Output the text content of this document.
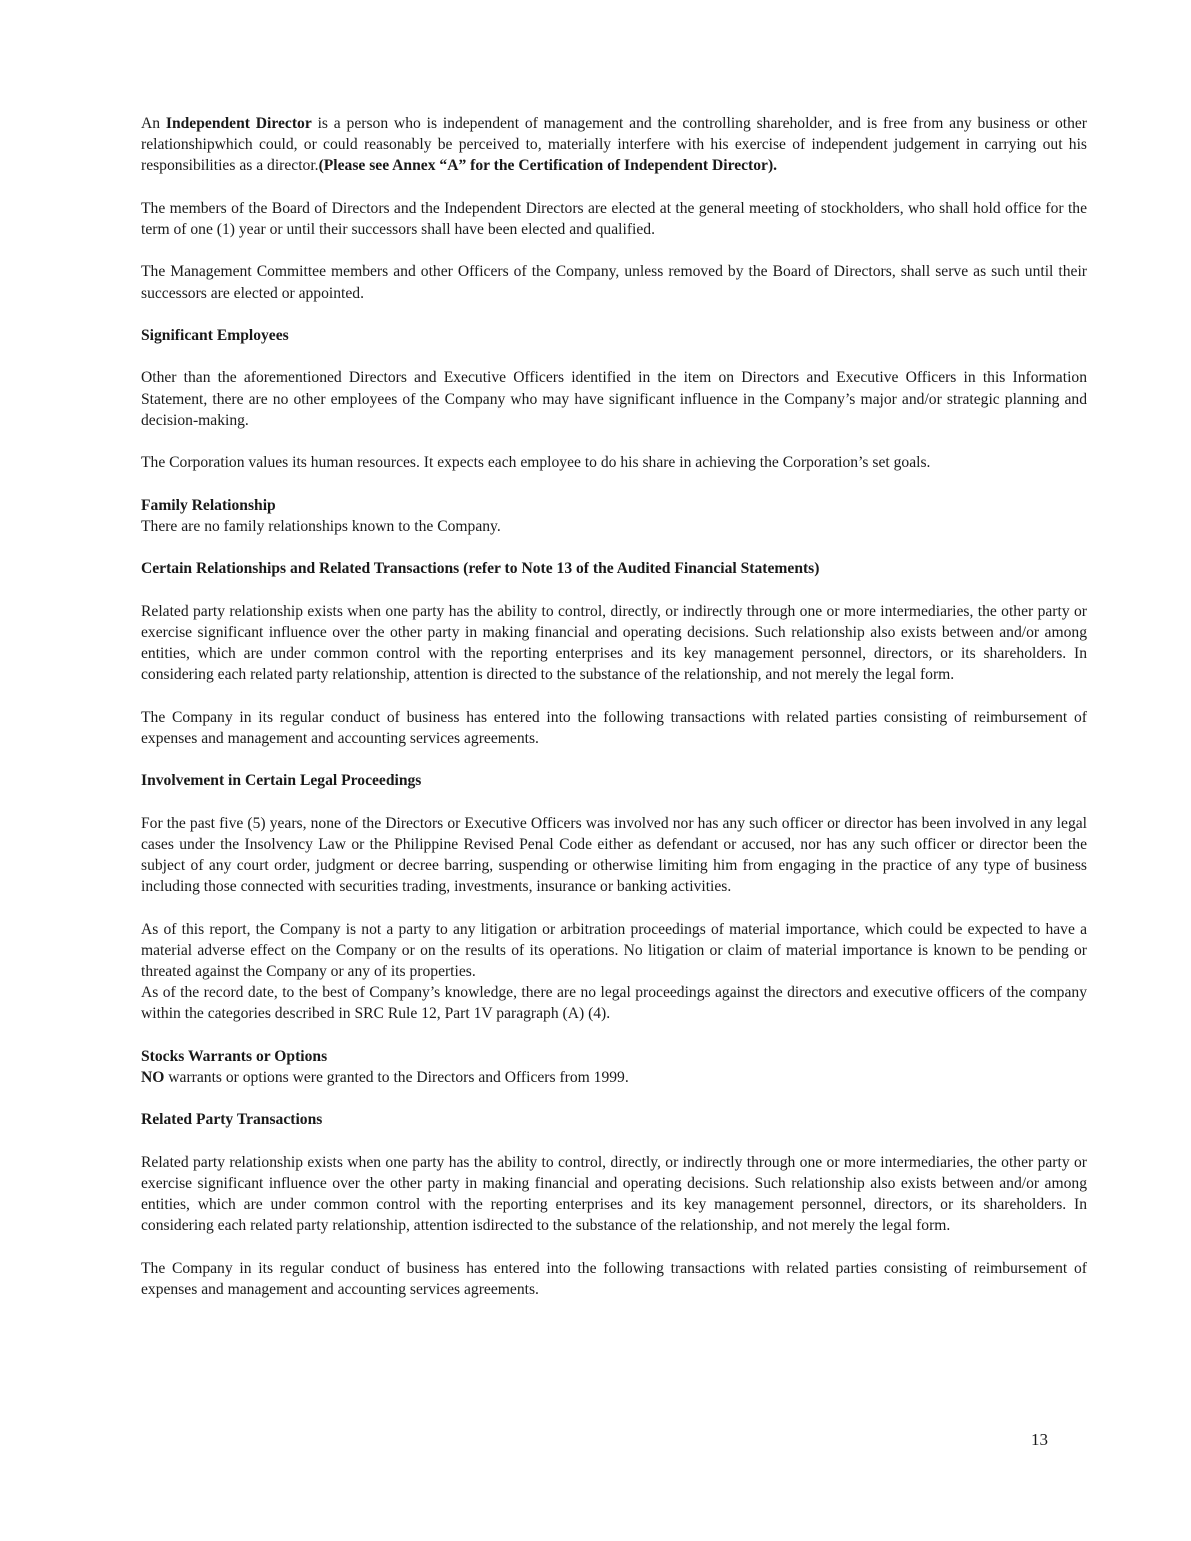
An Independent Director is a person who is independent of management and the controlling shareholder, and is free from any business or other relationshipwhich could, or could reasonably be perceived to, materially interfere with his exercise of independent judgement in carrying out his responsibilities as a director.(Please see Annex “A” for the Certification of Independent Director).

The members of the Board of Directors and the Independent Directors are elected at the general meeting of stockholders, who shall hold office for the term of one (1) year or until their successors shall have been elected and qualified.

The Management Committee members and other Officers of the Company, unless removed by the Board of Directors, shall serve as such until their successors are elected or appointed.

Significant Employees

Other than the aforementioned Directors and Executive Officers identified in the item on Directors and Executive Officers in this Information Statement, there are no other employees of the Company who may have significant influence in the Company’s major and/or strategic planning and decision-making.

The Corporation values its human resources. It expects each employee to do his share in achieving the Corporation’s set goals.

Family Relationship

There are no family relationships known to the Company.

Certain Relationships and Related Transactions (refer to Note 13 of the Audited Financial Statements)

Related party relationship exists when one party has the ability to control, directly, or indirectly through one or more intermediaries, the other party or exercise significant influence over the other party in making financial and operating decisions. Such relationship also exists between and/or among entities, which are under common control with the reporting enterprises and its key management personnel, directors, or its shareholders. In considering each related party relationship, attention is directed to the substance of the relationship, and not merely the legal form.

The Company in its regular conduct of business has entered into the following transactions with related parties consisting of reimbursement of expenses and management and accounting services agreements.

Involvement in Certain Legal Proceedings

For the past five (5) years, none of the Directors or Executive Officers was involved nor has any such officer or director has been involved in any legal cases under the Insolvency Law or the Philippine Revised Penal Code either as defendant or accused, nor has any such officer or director been the subject of any court order, judgment or decree barring, suspending or otherwise limiting him from engaging in the practice of any type of business including those connected with securities trading, investments, insurance or banking activities.

As of this report, the Company is not a party to any litigation or arbitration proceedings of material importance, which could be expected to have a material adverse effect on the Company or on the results of its operations. No litigation or claim of material importance is known to be pending or threated against the Company or any of its properties.

As of the record date, to the best of Company’s knowledge, there are no legal proceedings against the directors and executive officers of the company within the categories described in SRC Rule 12, Part 1V paragraph (A) (4).

Stocks Warrants or Options

NO warrants or options were granted to the Directors and Officers from 1999.

Related Party Transactions

Related party relationship exists when one party has the ability to control, directly, or indirectly through one or more intermediaries, the other party or exercise significant influence over the other party in making financial and operating decisions. Such relationship also exists between and/or among entities, which are under common control with the reporting enterprises and its key management personnel, directors, or its shareholders. In considering each related party relationship, attention isdirected to the substance of the relationship, and not merely the legal form.

The Company in its regular conduct of business has entered into the following transactions with related parties consisting of reimbursement of expenses and management and accounting services agreements.

13
